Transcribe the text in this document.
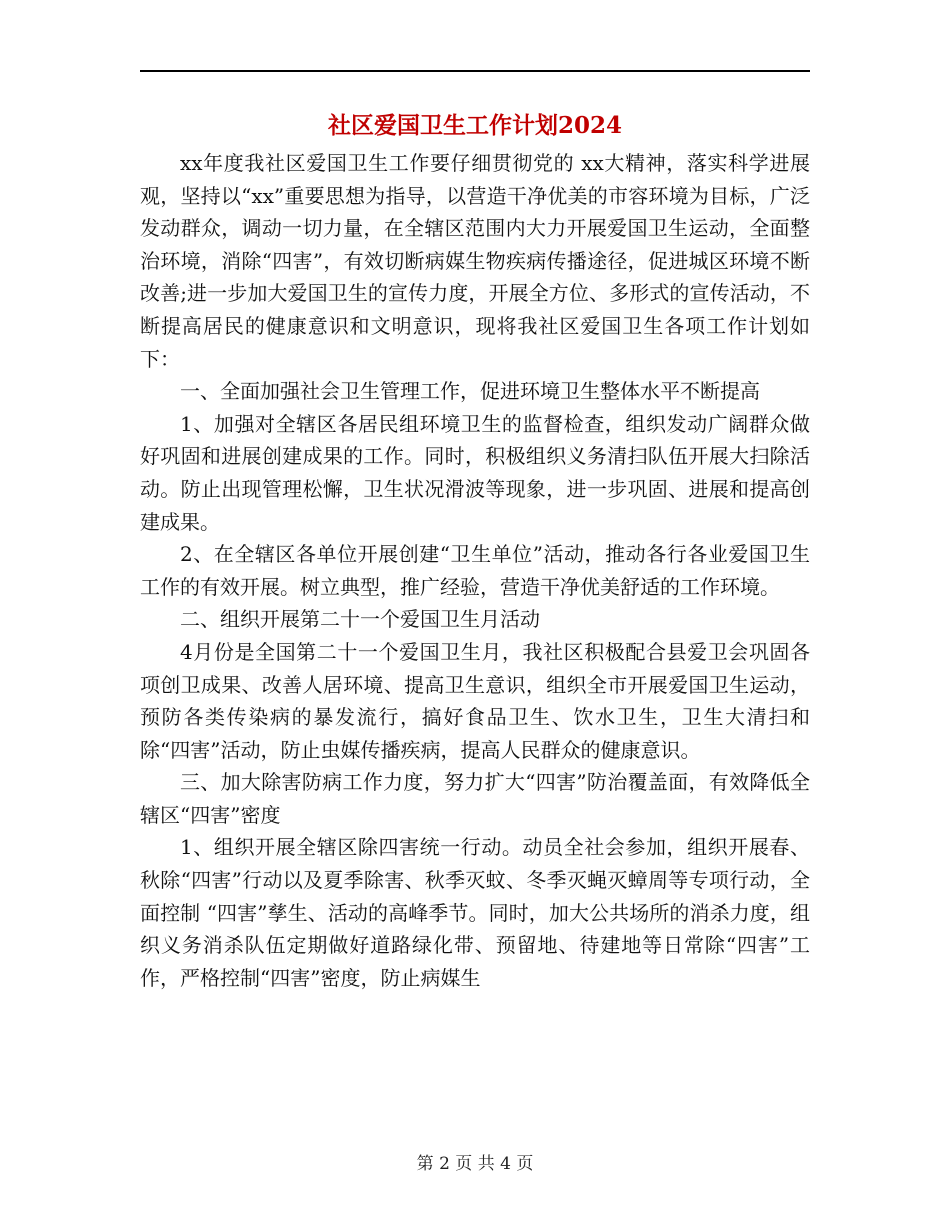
社区爱国卫生工作计划2024

xx年度我社区爱国卫生工作要仔细贯彻党的 xx大精神，落实科学进展观，坚持以“xx”重要思想为指导，以营造干净优美的市容环境为目标，广泛发动群众，调动一切力量，在全辖区范围内大力开展爱国卫生运动，全面整治环境，消除“四害”，有效切断病媒生物疾病传播途径，促进城区环境不断改善;进一步加大爱国卫生的宣传力度，开展全方位、多形式的宣传活动，不断提高居民的健康意识和文明意识，现将我社区爱国卫生各项工作计划如下：

一、全面加强社会卫生管理工作，促进环境卫生整体水平不断提高

1、加强对全辖区各居民组环境卫生的监督检查，组织发动广阔群众做好巩固和进展创建成果的工作。同时，积极组织义务清扫队伍开展大扫除活动。防止出现管理松懈，卫生状况滑波等现象，进一步巩固、进展和提高创建成果。

2、在全辖区各单位开展创建“卫生单位”活动，推动各行各业爱国卫生工作的有效开展。树立典型，推广经验，营造干净优美舒适的工作环境。

二、组织开展第二十一个爱国卫生月活动

4月份是全国第二十一个爱国卫生月，我社区积极配合县爱卫会巩固各项创卫成果、改善人居环境、提高卫生意识，组织全市开展爱国卫生运动，预防各类传染病的暴发流行，搞好食品卫生、饮水卫生，卫生大清扫和除“四害”活动，防止虫媒传播疾病，提高人民群众的健康意识。

三、加大除害防病工作力度，努力扩大“四害”防治覆盖面，有效降低全辖区“四害”密度

1、组织开展全辖区除四害统一行动。动员全社会参加，组织开展春、秋除“四害”行动以及夏季除害、秋季灭蚊、冬季灭蝇灭蟑周等专项行动，全面控制 “四害”孳生、活动的高峰季节。同时，加大公共场所的消杀力度，组织义务消杀队伍定期做好道路绿化带、预留地、待建地等日常除“四害”工作，严格控制“四害”密度，防止病媒生

第 2 页 共 4 页
